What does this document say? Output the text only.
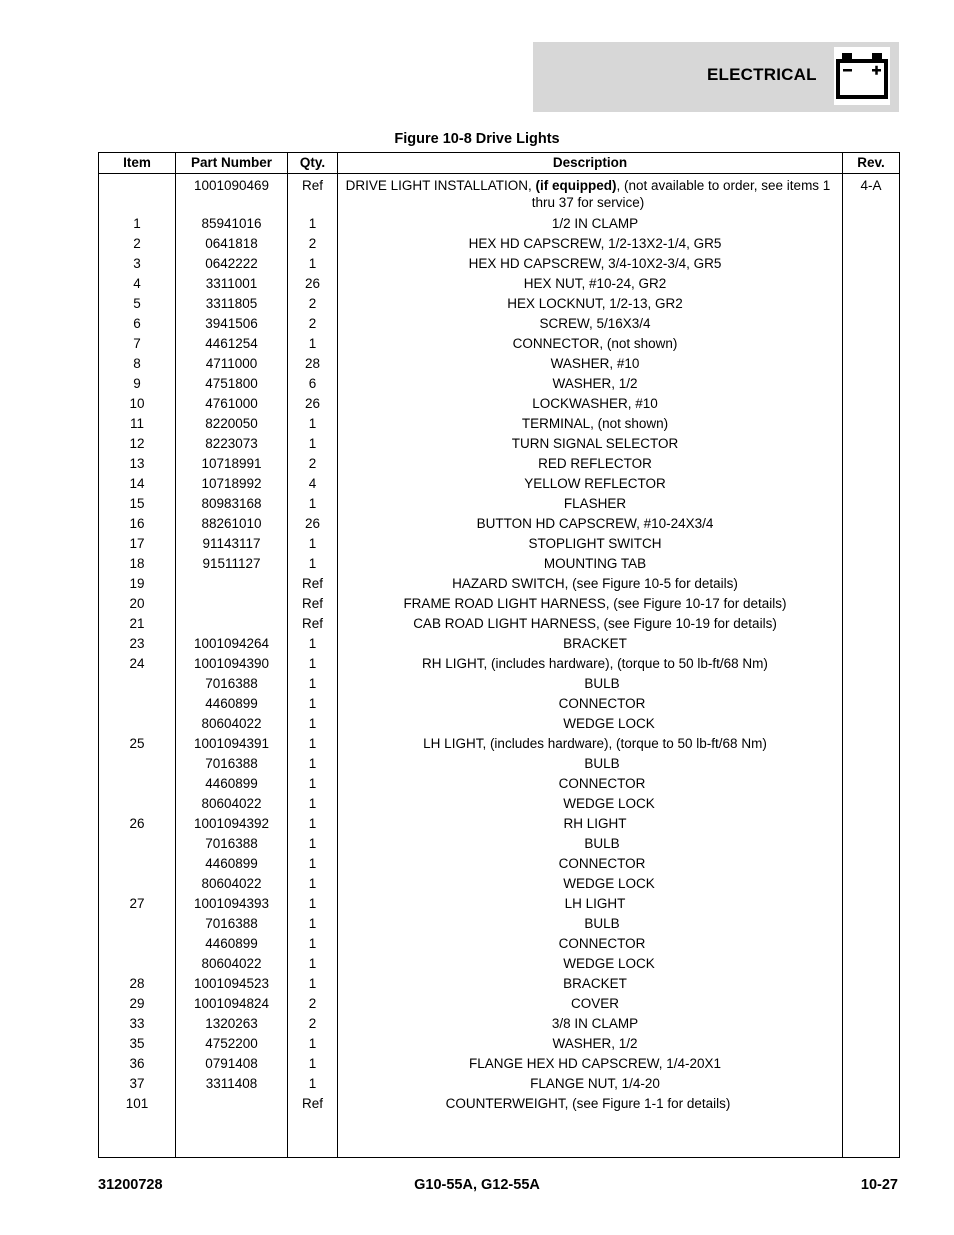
ELECTRICAL
Figure 10-8 Drive Lights
Item	Part Number	Qty.	Description	Rev.
	1001090469	Ref	DRIVE LIGHT INSTALLATION, (if equipped), (not available to order, see items 1 thru 37 for service)	4-A
1	85941016	1	1/2 IN CLAMP	
2	0641818	2	HEX HD CAPSCREW, 1/2-13X2-1/4, GR5	
3	0642222	1	HEX HD CAPSCREW, 3/4-10X2-3/4, GR5	
4	3311001	26	HEX NUT, #10-24, GR2	
5	3311805	2	HEX LOCKNUT, 1/2-13, GR2	
6	3941506	2	SCREW, 5/16X3/4	
7	4461254	1	CONNECTOR, (not shown)	
8	4711000	28	WASHER, #10	
9	4751800	6	WASHER, 1/2	
10	4761000	26	LOCKWASHER, #10	
11	8220050	1	TERMINAL, (not shown)	
12	8223073	1	TURN SIGNAL SELECTOR	
13	10718991	2	RED REFLECTOR	
14	10718992	4	YELLOW REFLECTOR	
15	80983168	1	FLASHER	
16	88261010	26	BUTTON HD CAPSCREW, #10-24X3/4	
17	91143117	1	STOPLIGHT SWITCH	
18	91511127	1	MOUNTING TAB	
19		Ref	HAZARD SWITCH, (see Figure 10-5 for details)	
20		Ref	FRAME ROAD LIGHT HARNESS, (see Figure 10-17 for details)	
21		Ref	CAB ROAD LIGHT HARNESS, (see Figure 10-19 for details)	
23	1001094264	1	BRACKET	
24	1001094390	1	RH LIGHT, (includes hardware), (torque to 50 lb-ft/68 Nm)	
	7016388	1	BULB	
	4460899	1	CONNECTOR	
	80604022	1	WEDGE LOCK	
25	1001094391	1	LH LIGHT, (includes hardware), (torque to 50 lb-ft/68 Nm)	
	7016388	1	BULB	
	4460899	1	CONNECTOR	
	80604022	1	WEDGE LOCK	
26	1001094392	1	RH LIGHT	
	7016388	1	BULB	
	4460899	1	CONNECTOR	
	80604022	1	WEDGE LOCK	
27	1001094393	1	LH LIGHT	
	7016388	1	BULB	
	4460899	1	CONNECTOR	
	80604022	1	WEDGE LOCK	
28	1001094523	1	BRACKET	
29	1001094824	2	COVER	
33	1320263	2	3/8 IN CLAMP	
35	4752200	1	WASHER, 1/2	
36	0791408	1	FLANGE HEX HD CAPSCREW, 1/4-20X1	
37	3311408	1	FLANGE NUT, 1/4-20	
101		Ref	COUNTERWEIGHT, (see Figure 1-1 for details)	

31200728	G10-55A, G12-55A	10-27
